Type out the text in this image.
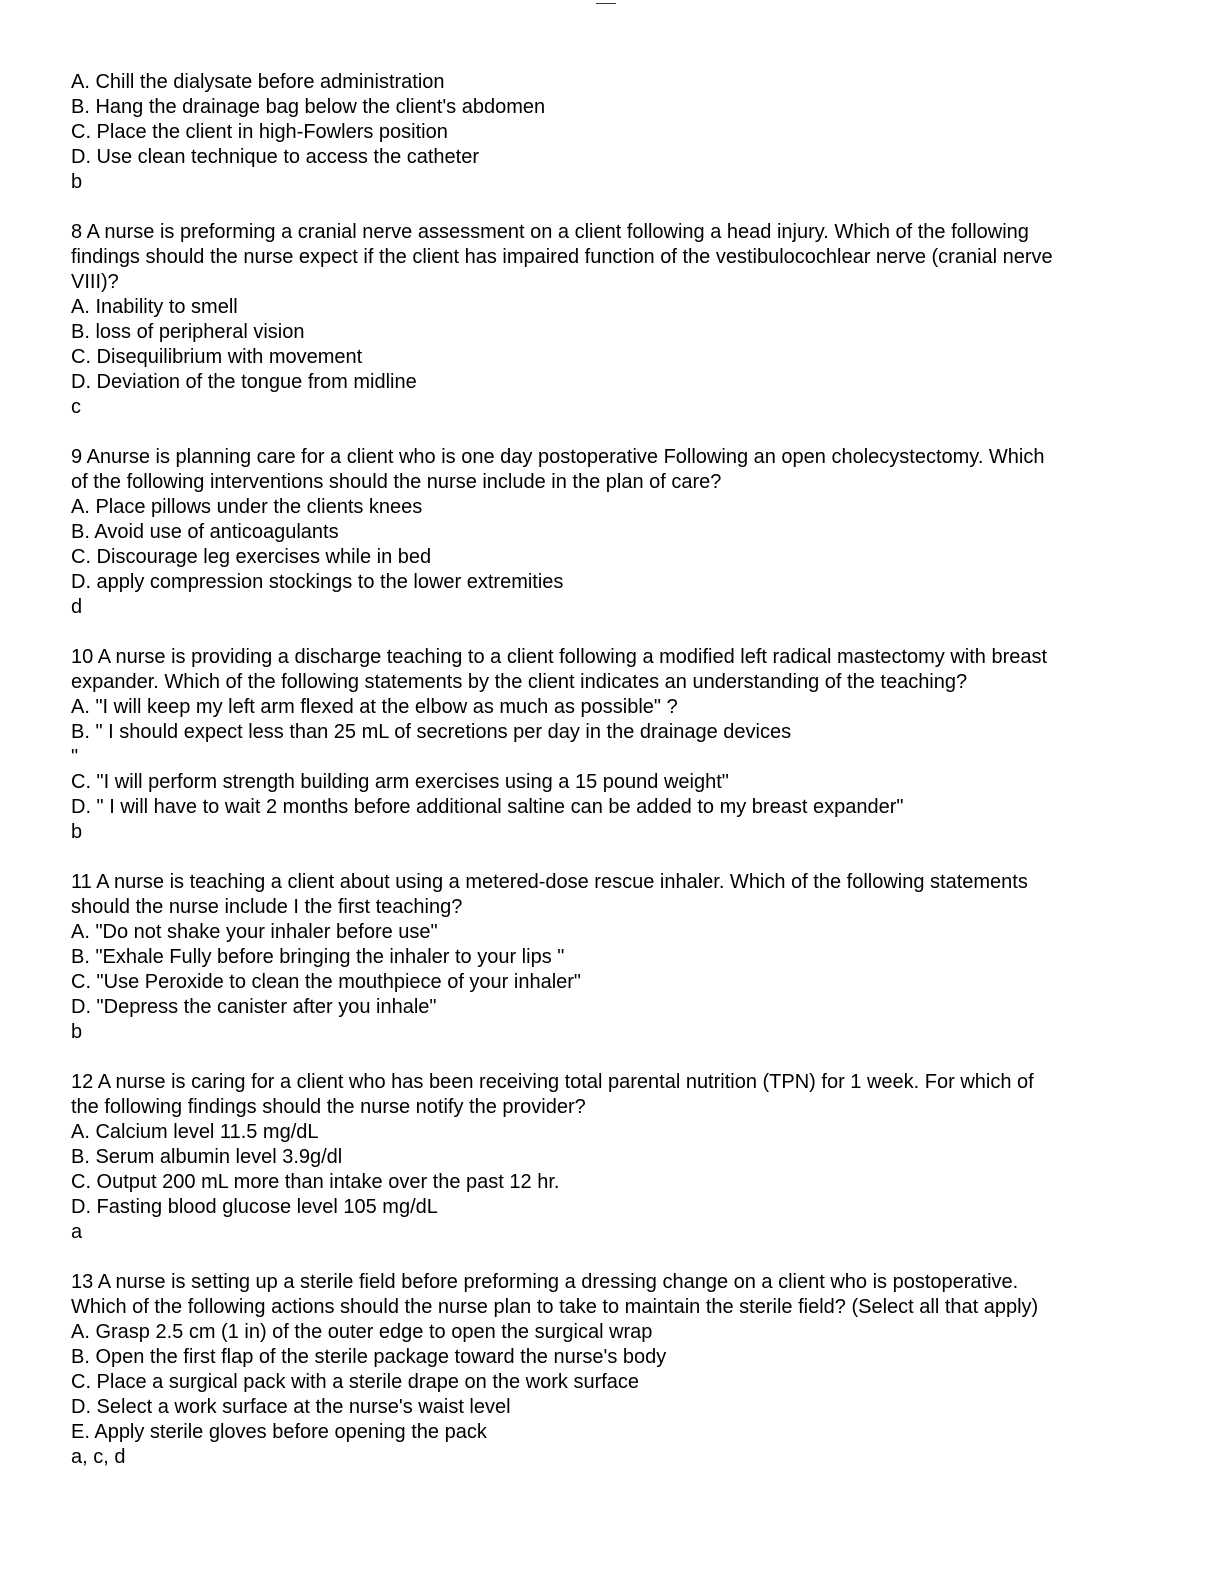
A. Chill the dialysate before administration
B. Hang the drainage bag below the client's abdomen
C. Place the client in high-Fowlers position
D. Use clean technique to access the catheter
b
8 A nurse is preforming a cranial nerve assessment on a client following a head injury. Which of the following
findings should the nurse expect if the client has impaired function of the vestibulocochlear nerve (cranial nerve
VIII)?
A. Inability to smell
B. loss of peripheral vision
C. Disequilibrium with movement
D. Deviation of the tongue from midline
c
9 Anurse is planning care for a client who is one day postoperative Following an open cholecystectomy. Which
of the following interventions should the nurse include in the plan of care?
A. Place pillows under the clients knees
B. Avoid use of anticoagulants
C. Discourage leg exercises while in bed
D. apply compression stockings to the lower extremities
d
10 A nurse is providing a discharge teaching to a client following a modified left radical mastectomy with breast
expander. Which of the following statements by the client indicates an understanding of the teaching?
A. "I will keep my left arm flexed at the elbow as much as possible" ?
B. " I should expect less than 25 mL of secretions per day in the drainage devices
"
C. "I will perform strength building arm exercises using a 15 pound weight"
D. " I will have to wait 2 months before additional saltine can be added to my breast expander"
b
11 A nurse is teaching a client about using a metered-dose rescue inhaler. Which of the following statements
should the nurse include I the first teaching?
A. "Do not shake your inhaler before use"
B. "Exhale Fully before bringing the inhaler to your lips "
C. "Use Peroxide to clean the mouthpiece of your inhaler"
D. "Depress the canister after you inhale"
b
12 A nurse is caring for a client who has been receiving total parental nutrition (TPN) for 1 week. For which of
the following findings should the nurse notify the provider?
A. Calcium level 11.5 mg/dL
B. Serum albumin level 3.9g/dl
C. Output 200 mL more than intake over the past 12 hr.
D. Fasting blood glucose level 105 mg/dL
a
13 A nurse is setting up a sterile field before preforming a dressing change on a client who is postoperative.
Which of the following actions should the nurse plan to take to maintain the sterile field? (Select all that apply)
A. Grasp 2.5 cm (1 in) of the outer edge to open the surgical wrap
B. Open the first flap of the sterile package toward the nurse's body
C. Place a surgical pack with a sterile drape on the work surface
D. Select a work surface at the nurse's waist level
E. Apply sterile gloves before opening the pack
a, c, d
